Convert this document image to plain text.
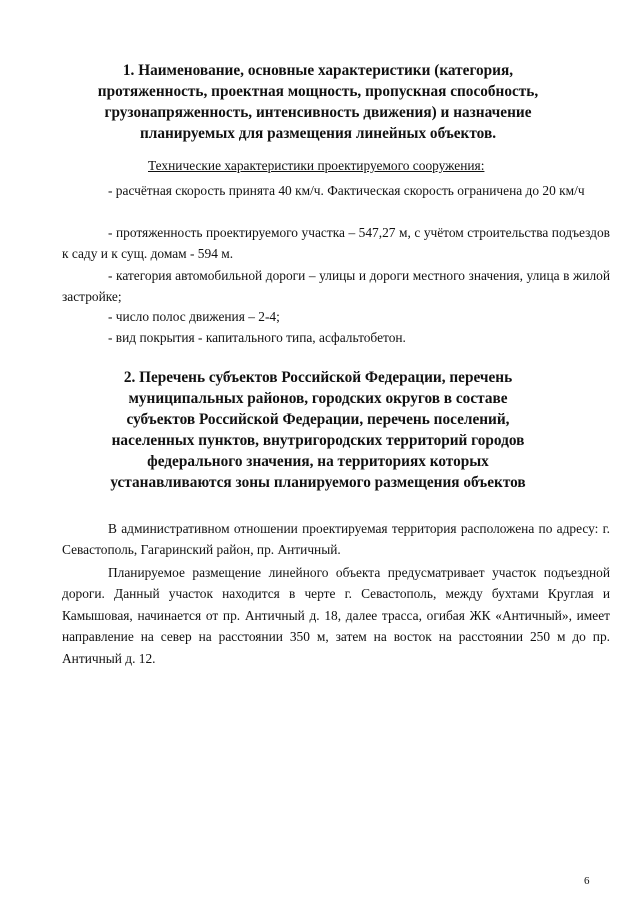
1. Наименование, основные характеристики (категория, протяженность, проектная мощность, пропускная способность, грузонапряженность, интенсивность движения) и назначение планируемых для размещения линейных объектов.

Технические характеристики проектируемого сооружения:

- расчётная скорость принята 40 км/ч. Фактическая скорость ограничена до 20 км/ч

- протяженность проектируемого участка – 547,27 м, с учётом строительства подъездов к саду и к сущ. домам - 594 м.

- категория автомобильной дороги – улицы и дороги местного значения, улица в жилой застройке;

- число полос движения – 2-4;

- вид покрытия - капитального типа, асфальтобетон.

2. Перечень субъектов Российской Федерации, перечень муниципальных районов, городских округов в составе субъектов Российской Федерации, перечень поселений, населенных пунктов, внутригородских территорий городов федерального значения, на территориях которых устанавливаются зоны планируемого размещения объектов

В административном отношении проектируемая территория расположена по адресу: г. Севастополь, Гагаринский район, пр. Античный.

Планируемое размещение линейного объекта предусматривает участок подъездной дороги. Данный участок находится в черте г. Севастополь, между бухтами Круглая и Камышовая, начинается от пр. Античный д. 18, далее трасса, огибая ЖК «Античный», имеет направление на север на расстоянии 350 м, затем на восток на расстоянии 250 м до пр. Античный д. 12.

6
